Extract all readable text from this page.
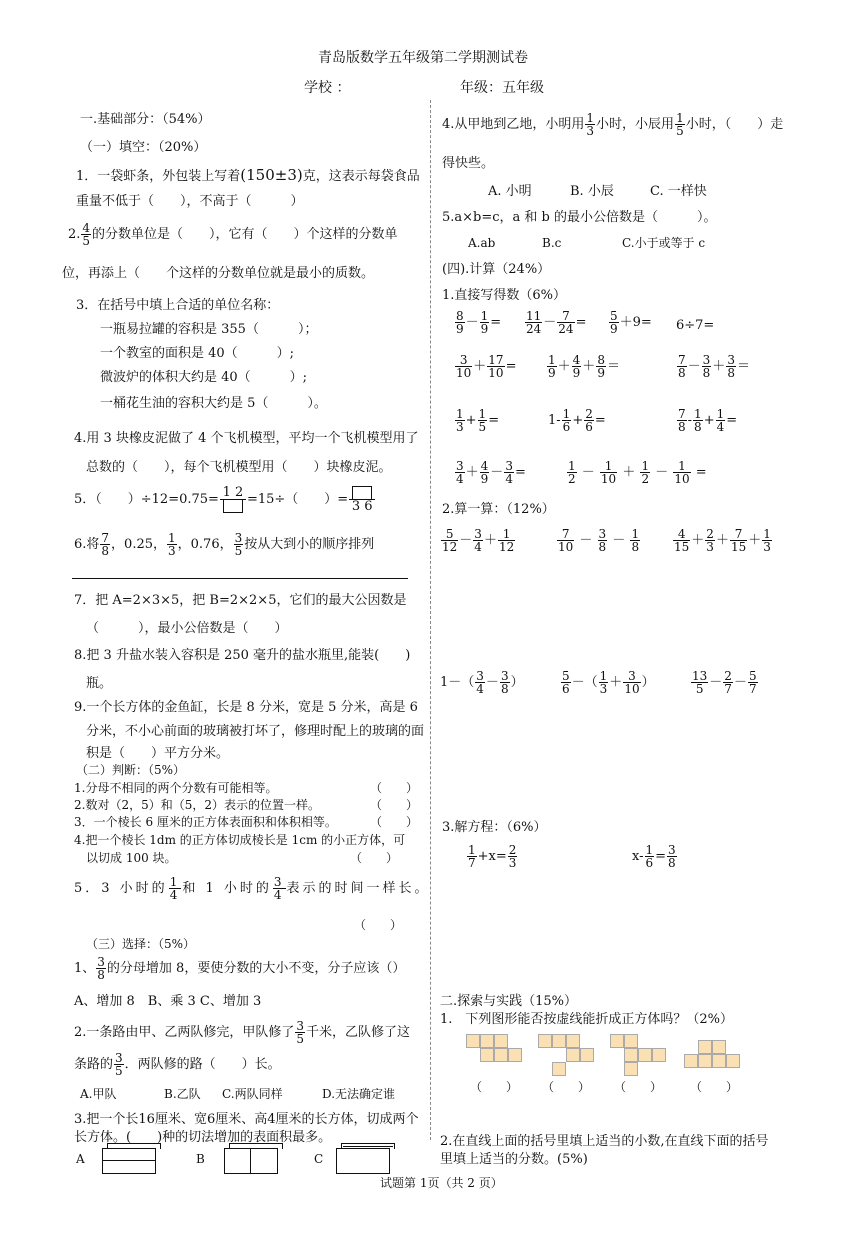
青岛版数学五年级第二学期测试卷
学校 ：	年级：五年级
一.基础部分：（54%）
（一）填空：（20%）
1．一袋虾条，外包装上写着(150±3)克，这表示每袋食品
重量不低于（　　），不高于（　　　）
2. $\frac{4}{5}$ 的分数单位是（　　），它有（　　）个这样的分数单
位，再添上（　　个这样的分数单位就是最小的质数。
3．在括号中填上合适的单位名称：
一瓶易拉罐的容积是 355（　　　）；
一个教室的面积是 40（　　　）;
微波炉的体积大约是 40（　　　）;
一桶花生油的容积大约是 5（　　　）。
4.用 3 块橡皮泥做了 4 个飞机模型，平均一个飞机模型用了
总数的（　　），每个飞机模型用（　　）块橡皮泥。
5．（　　）÷12=0.75= 1 2 =15÷（　　）= 3 6
6.将 $\frac{7}{8}$ ，0.25， $\frac{1}{3}$ ，0.76， $\frac{3}{5}$ 按从大到小的顺序排列
7．把 A=2×3×5，把 B=2×2×5，它们的最大公因数是
（　　　），最小公倍数是（　　）
8.把 3 升盐水装入容积是 250 毫升的盐水瓶里,能装(　　)
瓶。
9.一个长方体的金鱼缸，长是 8 分米，宽是 5 分米，高是 6
分米，不小心前面的玻璃被打坏了，修理时配上的玻璃的面
积是（　　）平方分米。
（二）判断：（5%）
1.分母不相同的两个分数有可能相等。	（　　）
2.数对（2，5）和（5，2）表示的位置一样。	（　　）
3．一个棱长 6 厘米的正方体表面积和体积相等。	（　　）
4.把一个棱长 1dm 的正方体切成棱长是 1cm 的小正方体，可
以切成 100 块。	（　　）
5．3 小时的 $\frac{1}{4}$ 和 1 小时的 $\frac{3}{4}$ 表示的时间一样长。
（　　）
（三）选择：（5%）
1、 $\frac{3}{8}$ 的分母增加 8，要使分数的大小不变，分子应该（）
A、增加 8　B、乘 3 C、增加 3
2.一条路由甲、乙两队修完，甲队修了 $\frac{3}{5}$ 千米，乙队修了这
条路的 $\frac{3}{5}$ ．两队修的路（　　）长。
A.甲队	B.乙队 C.两队同样	D.无法确定谁
3.把一个长16厘米、宽6厘米、高4厘米的长方体，切成两个
长方体。(　　)种的切法增加的表面积最多。
A	B	C
4.从甲地到乙地，小明用 $\frac{1}{3}$ 小时，小辰用 $\frac{1}{5}$ 小时，（　　）走
得快些。
A. 小明	B. 小辰	C. 一样快
5.a×b=c，a 和 b 的最小公倍数是（　　　）。
A.ab	B.c	C.小于或等于 c
(四).计算（24%）
1.直接写得数（6%）
$\frac{8}{9} - \frac{1}{9} = \frac{11}{24} - \frac{7}{24} = \frac{5}{9} +9= 6\div 7=$
$\frac{3}{10} + \frac{17}{10}$ =	$\frac{1}{9} + \frac{4}{9} + \frac{8}{9}$ ＝	$\frac{7}{8} - \frac{3}{8} + \frac{3}{8}$ ＝
$\frac{1}{3} + \frac{1}{5}$ =	$1- \frac{1}{6} + \frac{2}{6}$ =	$\frac{7}{8} - \frac{1}{8} + \frac{1}{4}$ =
$\frac{3}{4} + \frac{4}{9} - \frac{3}{4}$ =	$\frac{1}{2} - \frac{1}{10} + \frac{1}{2} - \frac{1}{10}$ =
2.算一算：（12%）
$\frac{5}{12} - \frac{3}{4} + \frac{1}{12}$	$\frac{7}{10} - \frac{3}{8} - \frac{1}{8}$	$\frac{4}{15} + \frac{2}{3} + \frac{7}{15} + \frac{1}{3}$
$1-( \frac{3}{4} - \frac{3}{8}$ ）	$\frac{5}{6}$ －（ $\frac{1}{3} + \frac{3}{10}$ ）	$\frac{13}{5} - \frac{2}{7} - \frac{5}{7}$
3.解方程：（6%）
$\frac{1}{7} +x= \frac{2}{3}$	$x- \frac{1}{6} = \frac{3}{8}$
二.探索与实践（15%）
1.　下列图形能否按虚线能折成正方体吗？（2%）
（　　） （　　） （　　） （　　）
2.在直线上面的括号里填上适当的小数,在直线下面的括号
里填上适当的分数。(5%)
试题第 1页（共 2 页）
